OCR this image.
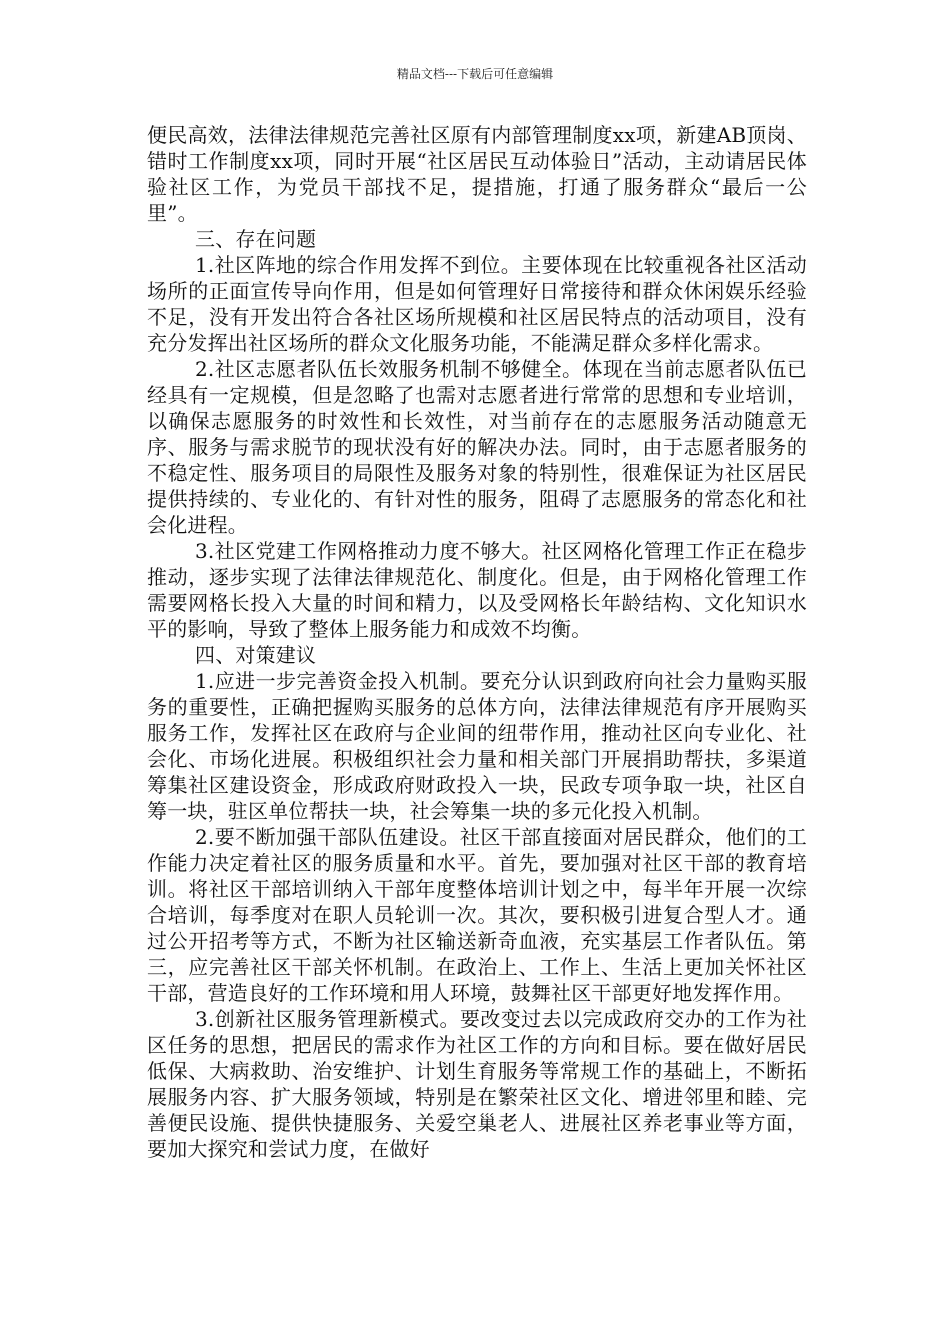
精品文档---下载后可任意编辑

便民高效，法律法律规范完善社区原有内部管理制度xx项，新建AB顶岗、错时工作制度xx项，同时开展“社区居民互动体验日”活动，主动请居民体验社区工作，为党员干部找不足，提措施，打通了服务群众“最后一公里”。

三、存在问题

1.社区阵地的综合作用发挥不到位。主要体现在比较重视各社区活动场所的正面宣传导向作用，但是如何管理好日常接待和群众休闲娱乐经验不足，没有开发出符合各社区场所规模和社区居民特点的活动项目，没有充分发挥出社区场所的群众文化服务功能，不能满足群众多样化需求。

2.社区志愿者队伍长效服务机制不够健全。体现在当前志愿者队伍已经具有一定规模，但是忽略了也需对志愿者进行常常的思想和专业培训，以确保志愿服务的时效性和长效性，对当前存在的志愿服务活动随意无序、服务与需求脱节的现状没有好的解决办法。同时，由于志愿者服务的不稳定性、服务项目的局限性及服务对象的特别性，很难保证为社区居民提供持续的、专业化的、有针对性的服务，阻碍了志愿服务的常态化和社会化进程。

3.社区党建工作网格推动力度不够大。社区网格化管理工作正在稳步推动，逐步实现了法律法律规范化、制度化。但是，由于网格化管理工作需要网格长投入大量的时间和精力，以及受网格长年龄结构、文化知识水平的影响，导致了整体上服务能力和成效不均衡。

四、对策建议

1.应进一步完善资金投入机制。要充分认识到政府向社会力量购买服务的重要性，正确把握购买服务的总体方向，法律法律规范有序开展购买服务工作，发挥社区在政府与企业间的纽带作用，推动社区向专业化、社会化、市场化进展。积极组织社会力量和相关部门开展捐助帮扶，多渠道筹集社区建设资金，形成政府财政投入一块，民政专项争取一块，社区自筹一块，驻区单位帮扶一块，社会筹集一块的多元化投入机制。

2.要不断加强干部队伍建设。社区干部直接面对居民群众，他们的工作能力决定着社区的服务质量和水平。首先，要加强对社区干部的教育培训。将社区干部培训纳入干部年度整体培训计划之中，每半年开展一次综合培训，每季度对在职人员轮训一次。其次，要积极引进复合型人才。通过公开招考等方式，不断为社区输送新奇血液，充实基层工作者队伍。第三，应完善社区干部关怀机制。在政治上、工作上、生活上更加关怀社区干部，营造良好的工作环境和用人环境，鼓舞社区干部更好地发挥作用。

3.创新社区服务管理新模式。要改变过去以完成政府交办的工作为社区任务的思想，把居民的需求作为社区工作的方向和目标。要在做好居民低保、大病救助、治安维护、计划生育服务等常规工作的基础上，不断拓展服务内容、扩大服务领域，特别是在繁荣社区文化、增进邻里和睦、完善便民设施、提供快捷服务、关爱空巢老人、进展社区养老事业等方面，要加大探究和尝试力度，在做好
